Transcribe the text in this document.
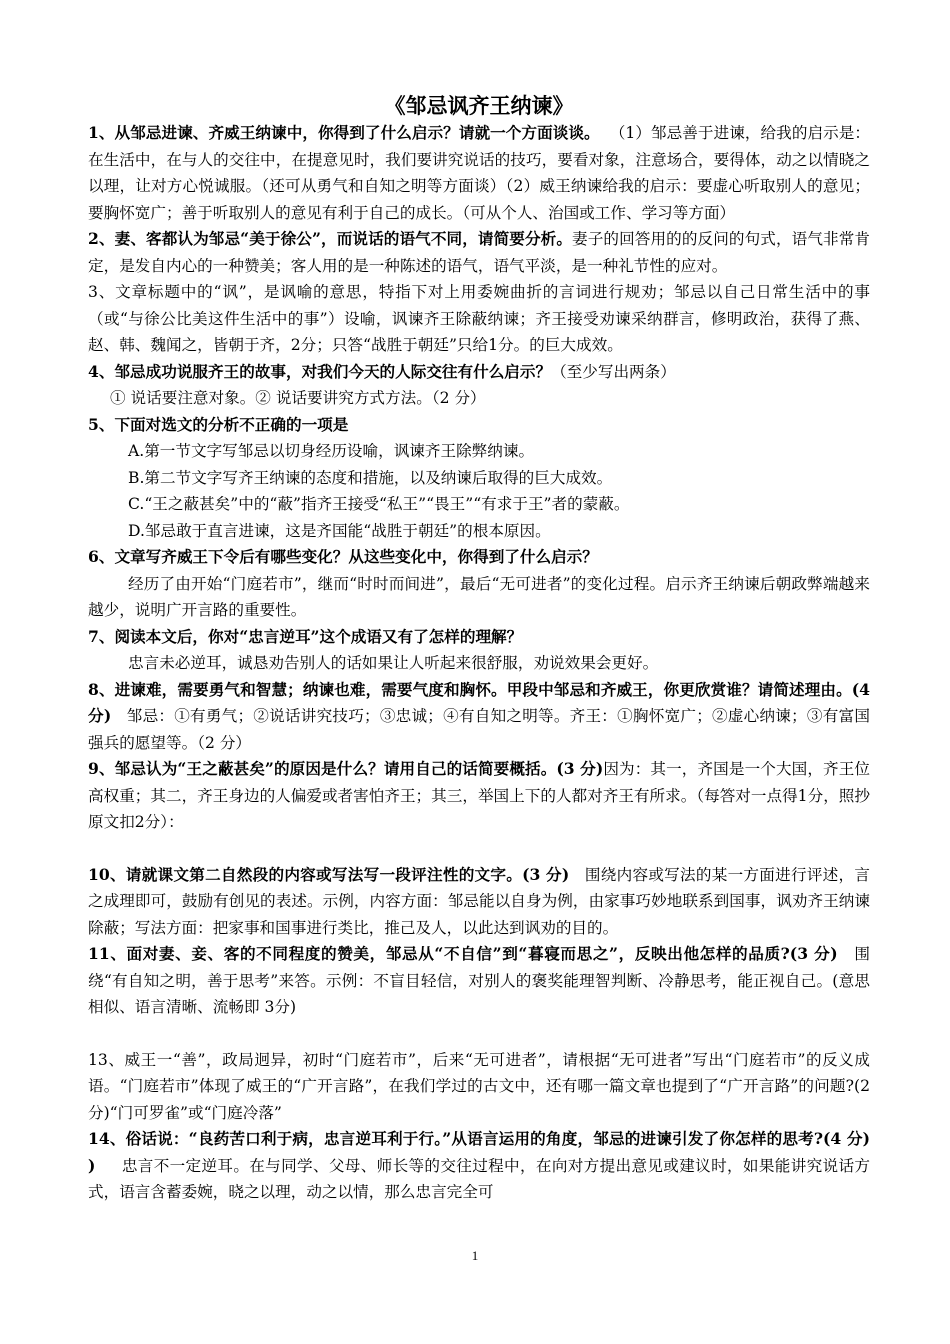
《邹忌讽齐王纳谏》

1、从邹忌进谏、齐威王纳谏中，你得到了什么启示？请就一个方面谈谈。 （1）邹忌善于进谏，给我的启示是：在生活中，在与人的交往中，在提意见时，我们要讲究说话的技巧，要看对象，注意场合，要得体，动之以情晓之以理，让对方心悦诚服。（还可从勇气和自知之明等方面谈）（2）威王纳谏给我的启示：要虚心听取别人的意见；要胸怀宽广；善于听取别人的意见有利于自己的成长。（可从个人、治国或工作、学习等方面）

2、妻、客都认为邹忌“美于徐公”，而说话的语气不同，请简要分析。妻子的回答用的的反问的句式，语气非常肯定，是发自内心的一种赞美；客人用的是一种陈述的语气，语气平淡，是一种礼节性的应对。

3、文章标题中的“讽”，是讽喻的意思，特指下对上用委婉曲折的言词进行规劝；邹忌以自己日常生活中的事（或“与徐公比美这件生活中的事”）设喻，讽谏齐王除蔽纳谏；齐王接受劝谏采纳群言，修明政治，获得了燕、赵、韩、魏闻之，皆朝于齐，2分；只答“战胜于朝廷”只给1分。的巨大成效。

4、邹忌成功说服齐王的故事，对我们今天的人际交往有什么启示？（至少写出两条）

① 说话要注意对象。② 说话要讲究方式方法。（2 分）

5、下面对选文的分析不正确的一项是

A.第一节文字写邹忌以切身经历设喻，讽谏齐王除弊纳谏。

B.第二节文字写齐王纳谏的态度和措施，以及纳谏后取得的巨大成效。

C.“王之蔽甚矣”中的“蔽”指齐王接受“私王”“畏王”“有求于王”者的蒙蔽。

D.邹忌敢于直言进谏，这是齐国能“战胜于朝廷”的根本原因。

6、文章写齐威王下令后有哪些变化？从这些变化中，你得到了什么启示？

经历了由开始“门庭若市”，继而“时时而间进”，最后“无可进者”的变化过程。启示齐王纳谏后朝政弊端越来越少，说明广开言路的重要性。

7、阅读本文后，你对“忠言逆耳”这个成语又有了怎样的理解？

忠言未必逆耳，诚恳劝告别人的话如果让人听起来很舒服，劝说效果会更好。

8、进谏难，需要勇气和智慧；纳谏也难，需要气度和胸怀。甲段中邹忌和齐威王，你更欣赏谁？请简述理由。(4 分) 邹忌：①有勇气；②说话讲究技巧；③忠诚；④有自知之明等。齐王：①胸怀宽广；②虚心纳谏；③有富国强兵的愿望等。（2 分）

9、邹忌认为“王之蔽甚矣”的原因是什么？请用自己的话简要概括。(3 分)因为：其一，齐国是一个大国，齐王位高权重；其二，齐王身边的人偏爱或者害怕齐王；其三，举国上下的人都对齐王有所求。（每答对一点得1分，照抄原文扣2分）：

10、请就课文第二自然段的内容或写法写一段评注性的文字。(3 分) 围绕内容或写法的某一方面进行评述，言之成理即可，鼓励有创见的表述。示例，内容方面：邹忌能以自身为例，由家事巧妙地联系到国事，讽劝齐王纳谏除蔽；写法方面：把家事和国事进行类比，推己及人，以此达到讽劝的目的。

11、面对妻、妾、客的不同程度的赞美，邹忌从“不自信”到“暮寝而思之”，反映出他怎样的品质?(3 分) 围绕“有自知之明，善于思考”来答。示例：不盲目轻信，对别人的褒奖能理智判断、冷静思考，能正视自己。(意思相似、语言清晰、流畅即 3分)

13、威王一“善”，政局迥异，初时“门庭若市”，后来“无可进者”，请根据“无可进者”写出“门庭若市”的反义成语。“门庭若市”体现了威王的“广开言路”，在我们学过的古文中，还有哪一篇文章也提到了“广开言路”的问题?(2 分)“门可罗雀”或“门庭冷落”

14、俗话说：“良药苦口利于病，忠言逆耳利于行。”从语言运用的角度，邹忌的进谏引发了你怎样的思考?(4 分) ) 忠言不一定逆耳。在与同学、父母、师长等的交往过程中，在向对方提出意见或建议时，如果能讲究说话方式，语言含蓄委婉，晓之以理，动之以情，那么忠言完全可

1
